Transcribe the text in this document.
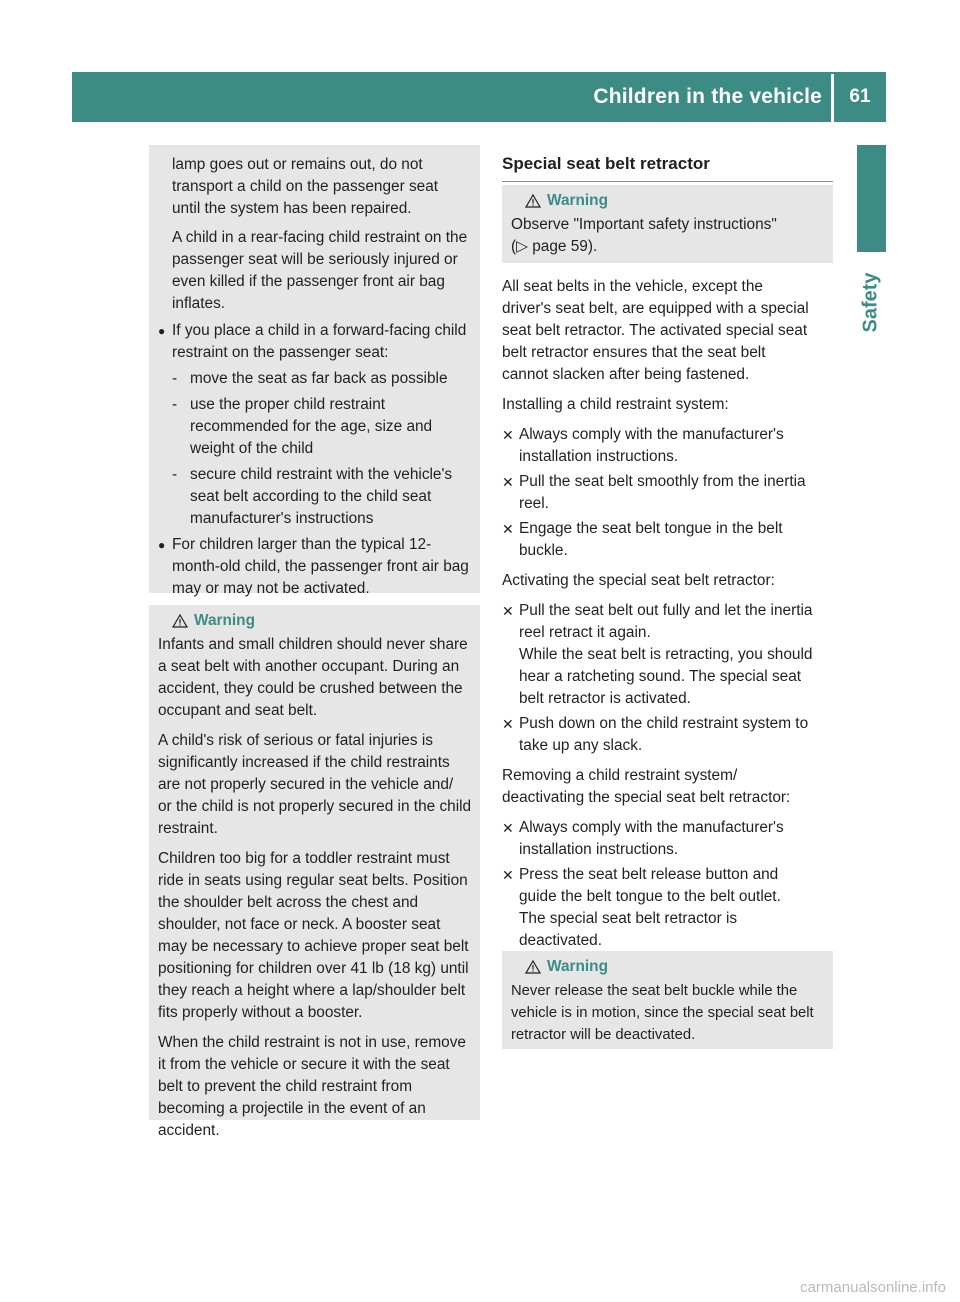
Children in the vehicle	61
Safety

lamp goes out or remains out, do not

transport a child on the passenger seat

until the system has been repaired.

A child in a rear-facing child restraint on the

passenger seat will be seriously injured or

even killed if the passenger front air bag

inflates.

● If you place a child in a forward-facing child

restraint on the passenger seat:

- move the seat as far back as possible

- use the proper child restraint

recommended for the age, size and

weight of the child

- secure child restraint with the vehicle's

seat belt according to the child seat

manufacturer's instructions

● For children larger than the typical 12-

month-old child, the passenger front air bag

may or may not be activated.

Warning

Infants and small children should never share

a seat belt with another occupant. During an

accident, they could be crushed between the

occupant and seat belt.

A child's risk of serious or fatal injuries is

significantly increased if the child restraints

are not properly secured in the vehicle and/

or the child is not properly secured in the child

restraint.

Children too big for a toddler restraint must

ride in seats using regular seat belts. Position

the shoulder belt across the chest and

shoulder, not face or neck. A booster seat

may be necessary to achieve proper seat belt

positioning for children over 41 lb (18 kg) until

they reach a height where a lap/shoulder belt

fits properly without a booster.

When the child restraint is not in use, remove

it from the vehicle or secure it with the seat

belt to prevent the child restraint from

becoming a projectile in the event of an

accident.

Special seat belt retractor
Warning

Observe "Important safety instructions"

(▷ page 59).

All seat belts in the vehicle, except the

driver's seat belt, are equipped with a special

seat belt retractor. The activated special seat

belt retractor ensures that the seat belt

cannot slacken after being fastened.

Installing a child restraint system:

✕ Always comply with the manufacturer's

installation instructions.

✕ Pull the seat belt smoothly from the inertia

reel.

✕ Engage the seat belt tongue in the belt

buckle.

Activating the special seat belt retractor:

✕ Pull the seat belt out fully and let the inertia

reel retract it again.

While the seat belt is retracting, you should

hear a ratcheting sound. The special seat

belt retractor is activated.

✕ Push down on the child restraint system to

take up any slack.

Removing a child restraint system/

deactivating the special seat belt retractor:

✕ Always comply with the manufacturer's

installation instructions.

✕ Press the seat belt release button and

guide the belt tongue to the belt outlet.

The special seat belt retractor is

deactivated.

Warning

Never release the seat belt buckle while the

vehicle is in motion, since the special seat belt

retractor will be deactivated.

carmanualsonline.info
